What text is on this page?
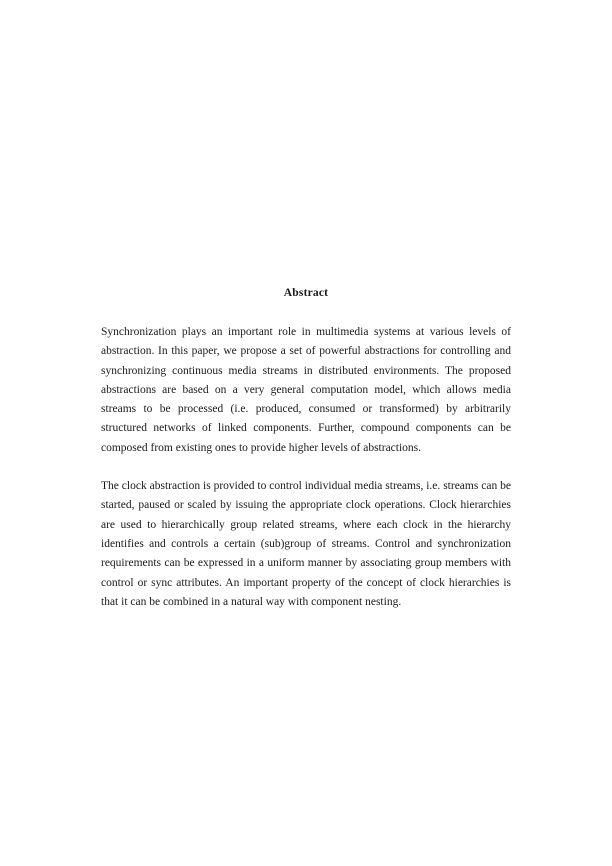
Abstract

Synchronization plays an important role in multimedia systems at various levels of abstraction. In this paper, we propose a set of powerful abstractions for controlling and synchronizing continuous media streams in distributed environments. The proposed abstractions are based on a very general computation model, which allows media streams to be processed (i.e. produced, consumed or transformed) by arbitrarily structured networks of linked components. Further, compound components can be composed from existing ones to provide higher levels of abstractions.

The clock abstraction is provided to control individual media streams, i.e. streams can be started, paused or scaled by issuing the appropriate clock operations. Clock hierarchies are used to hierarchically group related streams, where each clock in the hierarchy identifies and controls a certain (sub)group of streams. Control and synchronization requirements can be expressed in a uniform manner by associating group members with control or sync attributes. An important property of the concept of clock hierarchies is that it can be combined in a natural way with component nesting.
